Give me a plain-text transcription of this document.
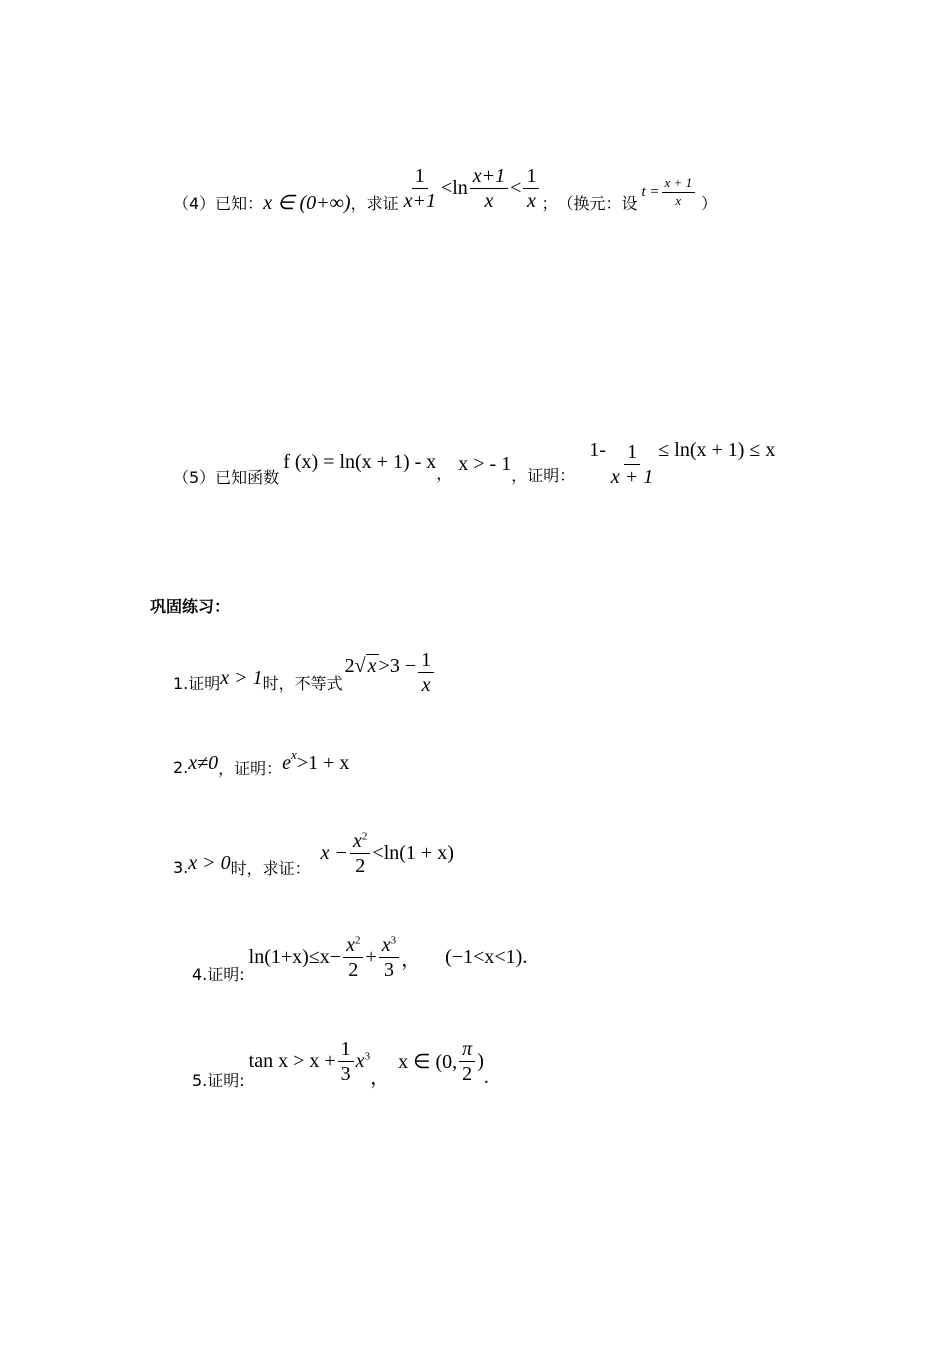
（4）已知： x ∈ (0+∞) ，求证 $\frac{1}{x+1} <\ln \frac{x+1}{x} < \frac{1}{x}$ ； （换元：设
$t = \frac{x + 1}{x}$ ）
（5）已知函数
f (x) = ln(x + 1) - x
， x > - 1
，证明：
$1- \frac{1}{x + 1} \le \ln(x + 1) \le x$
巩固练习：
1.证明 x > 1 时，不等式
2 √ $x >3 - \frac{1}{x}$
2. x≠0 ，证明： $e^x >1 + x$
3. x > 0 时，求证：
$x - \frac{x^2}{2} <\ln(1 + x)$
4.证明:
$\ln(1+x)\le x- \frac{x^2}{2} + \frac{x^3}{3}$ ， (−1<x<1).
5.证明:
$\tan x > x + \frac{1}{3} x^3$
，
x ∈ (0, $\frac{\pi}{2}$ )
.
